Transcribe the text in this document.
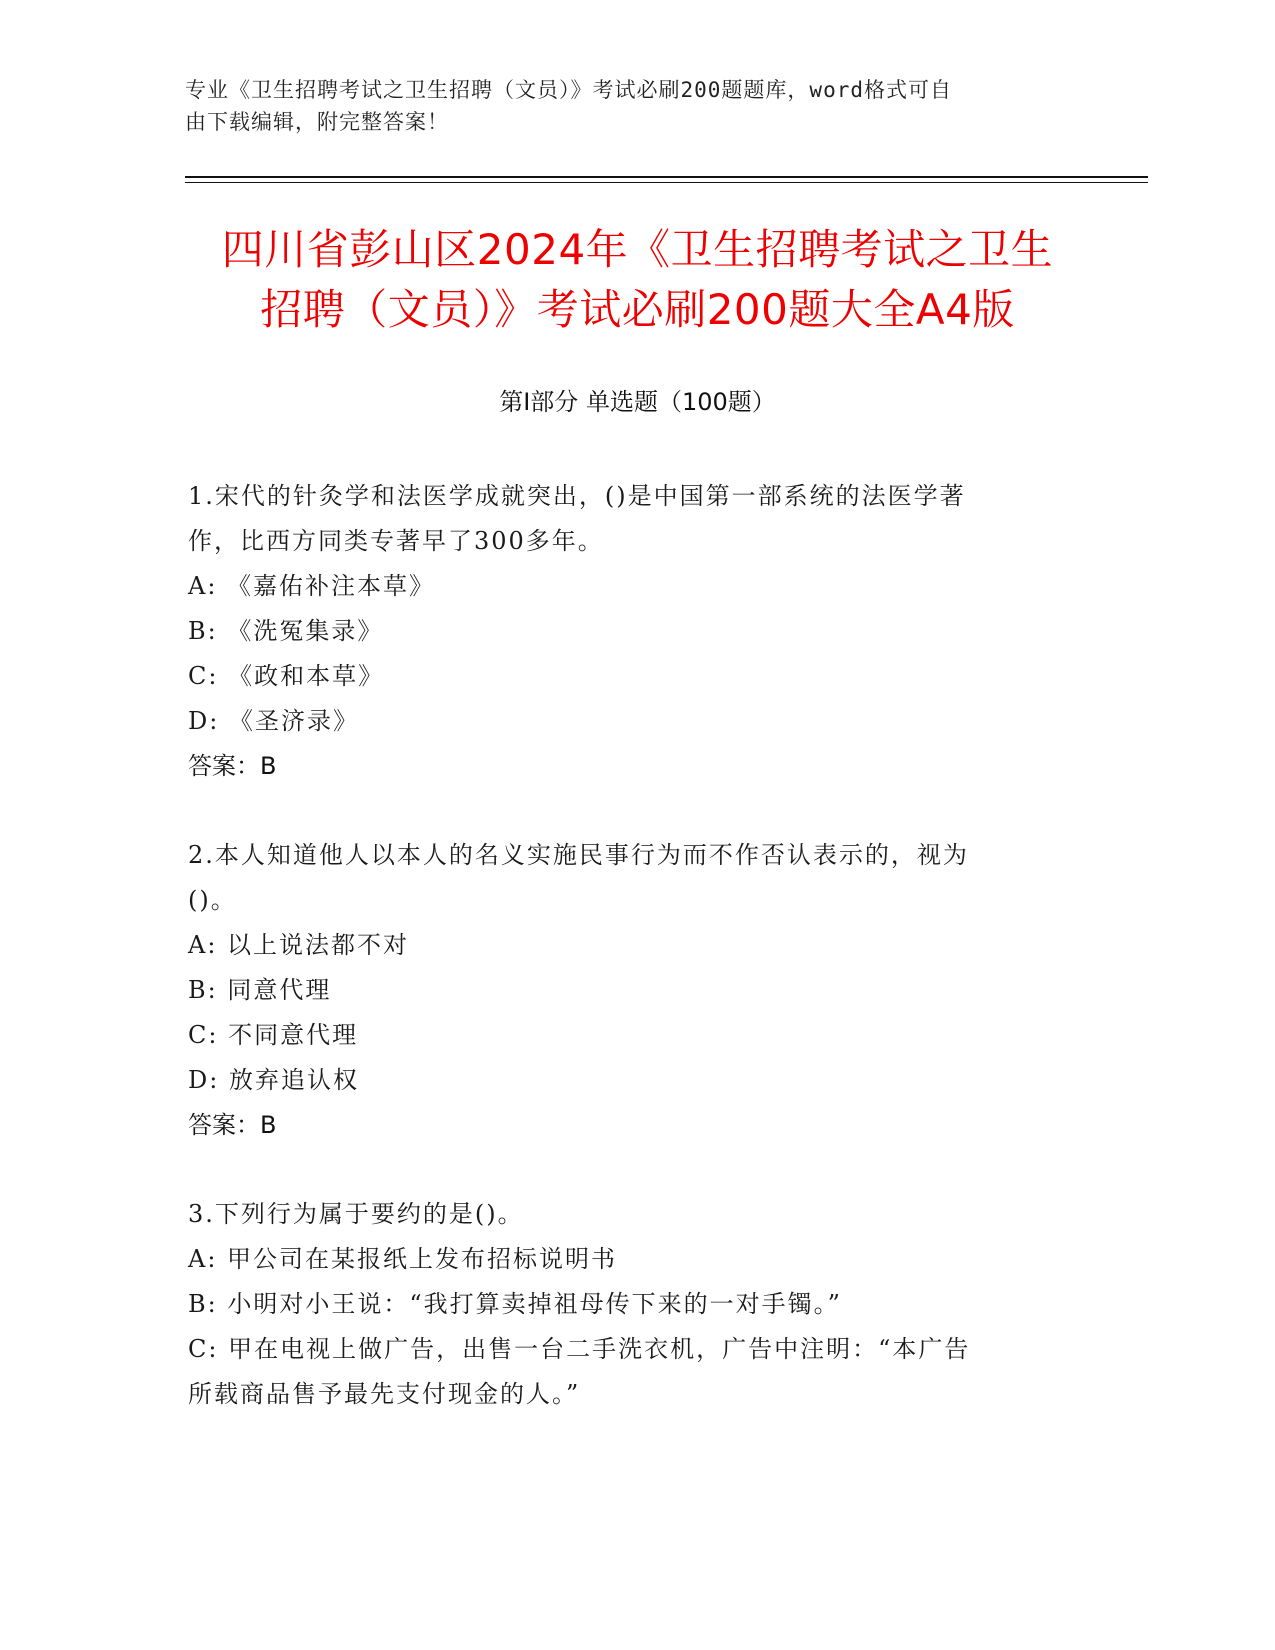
专业《卫生招聘考试之卫生招聘（文员）》考试必刷200题题库，word格式可自
由下载编辑，附完整答案！
四川省彭山区2024年《卫生招聘考试之卫生
招聘（文员）》考试必刷200题大全A4版
第I部分 单选题（100题）

1.宋代的针灸学和法医学成就突出，()是中国第一部系统的法医学著

作，比西方同类专著早了300多年。

A: 《嘉佑补注本草》

B: 《洗冤集录》

C: 《政和本草》

D: 《圣济录》

答案：B

2.本人知道他人以本人的名义实施民事行为而不作否认表示的，视为

()。

A: 以上说法都不对

B: 同意代理

C: 不同意代理

D: 放弃追认权

答案：B

3.下列行为属于要约的是()。

A: 甲公司在某报纸上发布招标说明书

B: 小明对小王说：“我打算卖掉祖母传下来的一对手镯。”

C: 甲在电视上做广告，出售一台二手洗衣机，广告中注明：“本广告

所载商品售予最先支付现金的人。”
